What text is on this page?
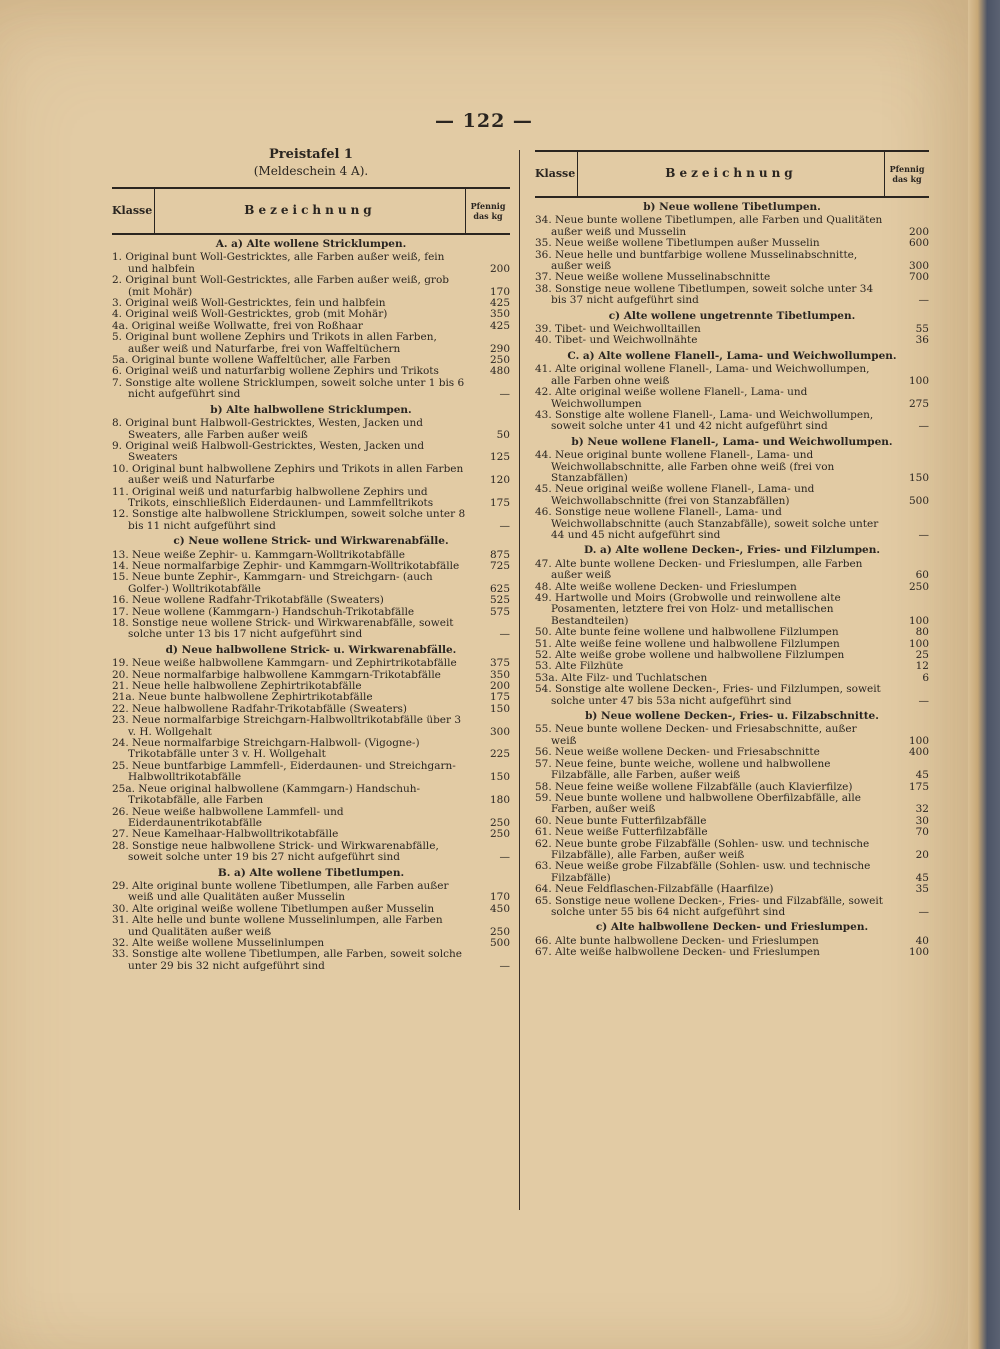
— 122 —
Preistafel 1
(Meldeschein 4 A).
Klasse	Bezeichnung	Pfennig das kg
A. a) Alte wollene Stricklumpen.
1. Original bunt Woll-Gestricktes, alle Farben außer weiß, fein und halbfein	200
2. Original bunt Woll-Gestricktes, alle Farben außer weiß, grob (mit Mohär)	170
3. Original weiß Woll-Gestricktes, fein und halbfein	425
4. Original weiß Woll-Gestricktes, grob (mit Mohär)	350
4a. Original weiße Wollwatte, frei von Roßhaar	425
5. Original bunt wollene Zephirs und Trikots in allen Farben, außer weiß und Naturfarbe, frei von Waffeltüchern	290
5a. Original bunte wollene Waffeltücher, alle Farben	250
6. Original weiß und naturfarbig wollene Zephirs und Trikots	480
7. Sonstige alte wollene Stricklumpen, soweit solche unter 1 bis 6 nicht aufgeführt sind	—
b) Alte halbwollene Stricklumpen.
8. Original bunt Halbwoll-Gestricktes, Westen, Jacken und Sweaters, alle Farben außer weiß	50
9. Original weiß Halbwoll-Gestricktes, Westen, Jacken und Sweaters	125
10. Original bunt halbwollene Zephirs und Trikots in allen Farben außer weiß und Naturfarbe	120
11. Original weiß und naturfarbig halbwollene Zephirs und Trikots, einschließlich Eiderdaunen- und Lammfelltrikots	175
12. Sonstige alte halbwollene Stricklumpen, soweit solche unter 8 bis 11 nicht aufgeführt sind	—
c) Neue wollene Strick- und Wirkwarenabfälle.
13. Neue weiße Zephir- u. Kammgarn-Wolltrikotabfälle	875
14. Neue normalfarbige Zephir- und Kammgarn-Wolltrikotabfälle	725
15. Neue bunte Zephir-, Kammgarn- und Streichgarn- (auch Golfer-) Wolltrikotabfälle	625
16. Neue wollene Radfahr-Trikotabfälle (Sweaters)	525
17. Neue wollene (Kammgarn-) Handschuh-Trikotabfälle	575
18. Sonstige neue wollene Strick- und Wirkwarenabfälle, soweit solche unter 13 bis 17 nicht aufgeführt sind	—
d) Neue halbwollene Strick- u. Wirkwarenabfälle.
19. Neue weiße halbwollene Kammgarn- und Zephirtrikotabfälle	375
20. Neue normalfarbige halbwollene Kammgarn-Trikotabfälle	350
21. Neue helle halbwollene Zephirtrikotabfälle	200
21a. Neue bunte halbwollene Zephirtrikotabfälle	175
22. Neue halbwollene Radfahr-Trikotabfälle (Sweaters)	150
23. Neue normalfarbige Streichgarn-Halbwolltrikotabfälle über 3 v. H. Wollgehalt	300
24. Neue normalfarbige Streichgarn-Halbwoll- (Vigogne-) Trikotabfälle unter 3 v. H. Wollgehalt	225
25. Neue buntfarbige Lammfell-, Eiderdaunen- und Streichgarn-Halbwolltrikotabfälle	150
25a. Neue original halbwollene (Kammgarn-) Handschuh-Trikotabfälle, alle Farben	180
26. Neue weiße halbwollene Lammfell- und Eiderdaunentrikotabfälle	250
27. Neue Kamelhaar-Halbwolltrikotabfälle	250
28. Sonstige neue halbwollene Strick- und Wirkwarenabfälle, soweit solche unter 19 bis 27 nicht aufgeführt sind	—
B. a) Alte wollene Tibetlumpen.
29. Alte original bunte wollene Tibetlumpen, alle Farben außer weiß und alle Qualitäten außer Musselin	170
30. Alte original weiße wollene Tibetlumpen außer Musselin	450
31. Alte helle und bunte wollene Musselinlumpen, alle Farben und Qualitäten außer weiß	250
32. Alte weiße wollene Musselinlumpen	500
33. Sonstige alte wollene Tibetlumpen, alle Farben, soweit solche unter 29 bis 32 nicht aufgeführt sind	—
Klasse	Bezeichnung	Pfennig das kg
b) Neue wollene Tibetlumpen.
34. Neue bunte wollene Tibetlumpen, alle Farben und Qualitäten außer weiß und Musselin	200
35. Neue weiße wollene Tibetlumpen außer Musselin	600
36. Neue helle und buntfarbige wollene Musselinabschnitte, außer weiß	300
37. Neue weiße wollene Musselinabschnitte	700
38. Sonstige neue wollene Tibetlumpen, soweit solche unter 34 bis 37 nicht aufgeführt sind	—
c) Alte wollene ungetrennte Tibetlumpen.
39. Tibet- und Weichwolltaillen	55
40. Tibet- und Weichwollnähte	36
C. a) Alte wollene Flanell-, Lama- und Weichwollumpen.
41. Alte original wollene Flanell-, Lama- und Weichwollumpen, alle Farben ohne weiß	100
42. Alte original weiße wollene Flanell-, Lama- und Weichwollumpen	275
43. Sonstige alte wollene Flanell-, Lama- und Weichwollumpen, soweit solche unter 41 und 42 nicht aufgeführt sind	—
b) Neue wollene Flanell-, Lama- und Weichwollumpen.
44. Neue original bunte wollene Flanell-, Lama- und Weichwollabschnitte, alle Farben ohne weiß (frei von Stanzabfällen)	150
45. Neue original weiße wollene Flanell-, Lama- und Weichwollabschnitte (frei von Stanzabfällen)	500
46. Sonstige neue wollene Flanell-, Lama- und Weichwollabschnitte (auch Stanzabfälle), soweit solche unter 44 und 45 nicht aufgeführt sind	—
D. a) Alte wollene Decken-, Fries- und Filzlumpen.
47. Alte bunte wollene Decken- und Frieslumpen, alle Farben außer weiß	60
48. Alte weiße wollene Decken- und Frieslumpen	250
49. Hartwolle und Moirs (Grobwolle und reinwollene alte Posamenten, letztere frei von Holz- und metallischen Bestandteilen)	100
50. Alte bunte feine wollene und halbwollene Filzlumpen	80
51. Alte weiße feine wollene und halbwollene Filzlumpen	100
52. Alte weiße grobe wollene und halbwollene Filzlumpen	25
53. Alte Filzhüte	12
53a. Alte Filz- und Tuchlatschen	6
54. Sonstige alte wollene Decken-, Fries- und Filzlumpen, soweit solche unter 47 bis 53a nicht aufgeführt sind	—
b) Neue wollene Decken-, Fries- u. Filzabschnitte.
55. Neue bunte wollene Decken- und Friesabschnitte, außer weiß	100
56. Neue weiße wollene Decken- und Friesabschnitte	400
57. Neue feine, bunte weiche, wollene und halbwollene Filzabfälle, alle Farben, außer weiß	45
58. Neue feine weiße wollene Filzabfälle (auch Klavierfilze)	175
59. Neue bunte wollene und halbwollene Oberfilzabfälle, alle Farben, außer weiß	32
60. Neue bunte Futterfilzabfälle	30
61. Neue weiße Futterfilzabfälle	70
62. Neue bunte grobe Filzabfälle (Sohlen- usw. und technische Filzabfälle), alle Farben, außer weiß	20
63. Neue weiße grobe Filzabfälle (Sohlen- usw. und technische Filzabfälle)	45
64. Neue Feldflaschen-Filzabfälle (Haarfilze)	35
65. Sonstige neue wollene Decken-, Fries- und Filzabfälle, soweit solche unter 55 bis 64 nicht aufgeführt sind	—
c) Alte halbwollene Decken- und Frieslumpen.
66. Alte bunte halbwollene Decken- und Frieslumpen	40
67. Alte weiße halbwollene Decken- und Frieslumpen	100
